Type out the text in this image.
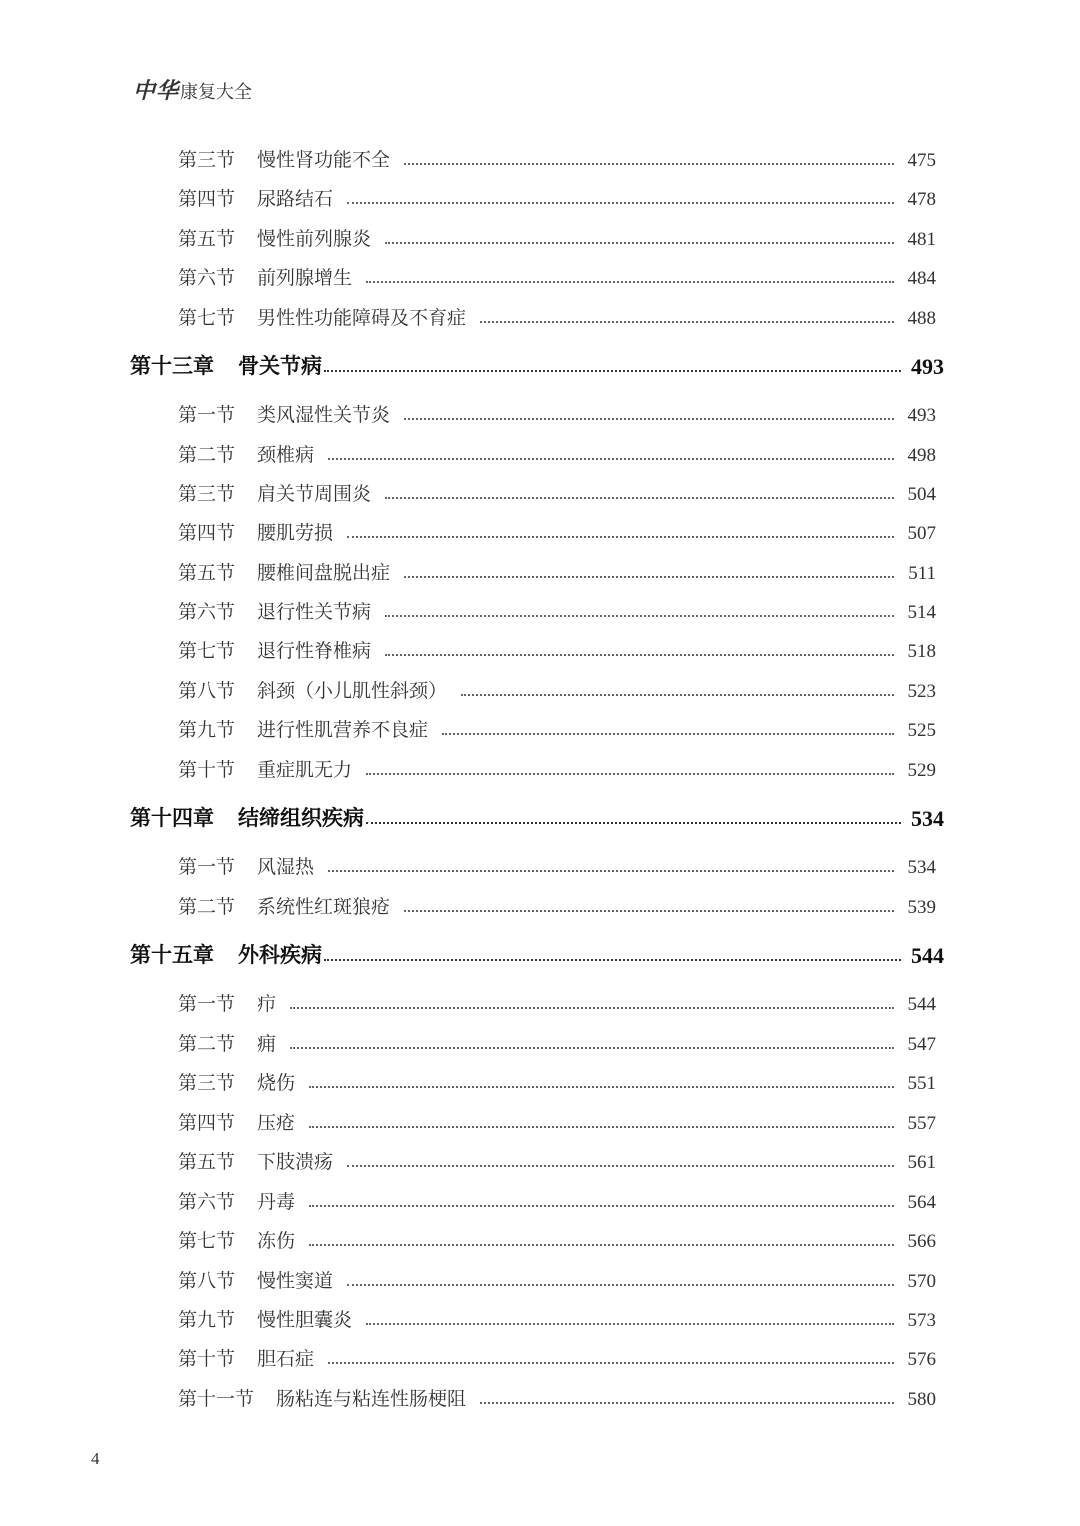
中华 康复大全
第三节 慢性肾功能不全	475
第四节 尿路结石	478
第五节 慢性前列腺炎	481
第六节 前列腺增生	484
第七节 男性性功能障碍及不育症	488
第十三章 骨关节病	493
第一节 类风湿性关节炎	493
第二节 颈椎病	498
第三节 肩关节周围炎	504
第四节 腰肌劳损	507
第五节 腰椎间盘脱出症	511
第六节 退行性关节病	514
第七节 退行性脊椎病	518
第八节 斜颈（小儿肌性斜颈）	523
第九节 进行性肌营养不良症	525
第十节 重症肌无力	529
第十四章 结缔组织疾病	534
第一节 风湿热	534
第二节 系统性红斑狼疮	539
第十五章 外科疾病	544
第一节 疖	544
第二节 痈	547
第三节 烧伤	551
第四节 压疮	557
第五节 下肢溃疡	561
第六节 丹毒	564
第七节 冻伤	566
第八节 慢性窦道	570
第九节 慢性胆囊炎	573
第十节 胆石症	576
第十一节 肠粘连与粘连性肠梗阻	580
4
